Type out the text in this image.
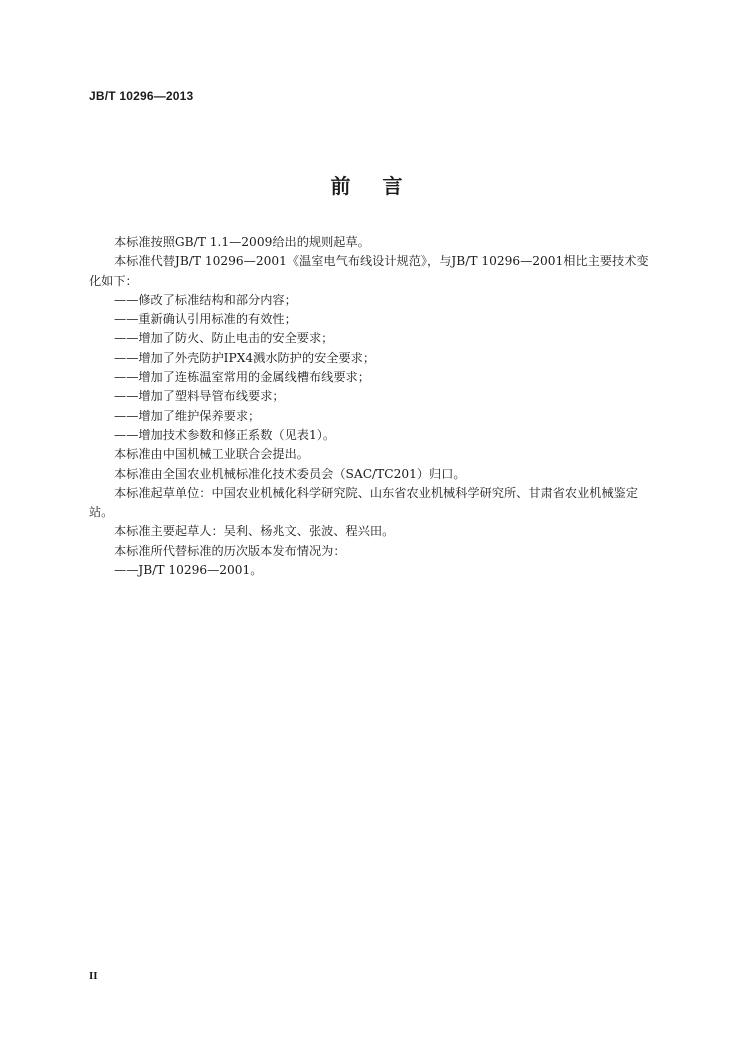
JB/T 10296—2013
前言

本标准按照GB/T 1.1—2009给出的规则起草。

本标准代替JB/T 10296—2001《温室电气布线设计规范》，与JB/T 10296—2001相比主要技术变化如下：

——修改了标准结构和部分内容；

——重新确认引用标准的有效性；

——增加了防火、防止电击的安全要求；

——增加了外壳防护IPX4溅水防护的安全要求；

——增加了连栋温室常用的金属线槽布线要求；

——增加了塑料导管布线要求；

——增加了维护保养要求；

——增加技术参数和修正系数（见表1）。

本标准由中国机械工业联合会提出。

本标准由全国农业机械标准化技术委员会（SAC/TC201）归口。

本标准起草单位：中国农业机械化科学研究院、山东省农业机械科学研究所、甘肃省农业机械鉴定站。

本标准主要起草人：吴利、杨兆文、张波、程兴田。

本标准所代替标准的历次版本发布情况为：

——JB/T 10296—2001。

II
